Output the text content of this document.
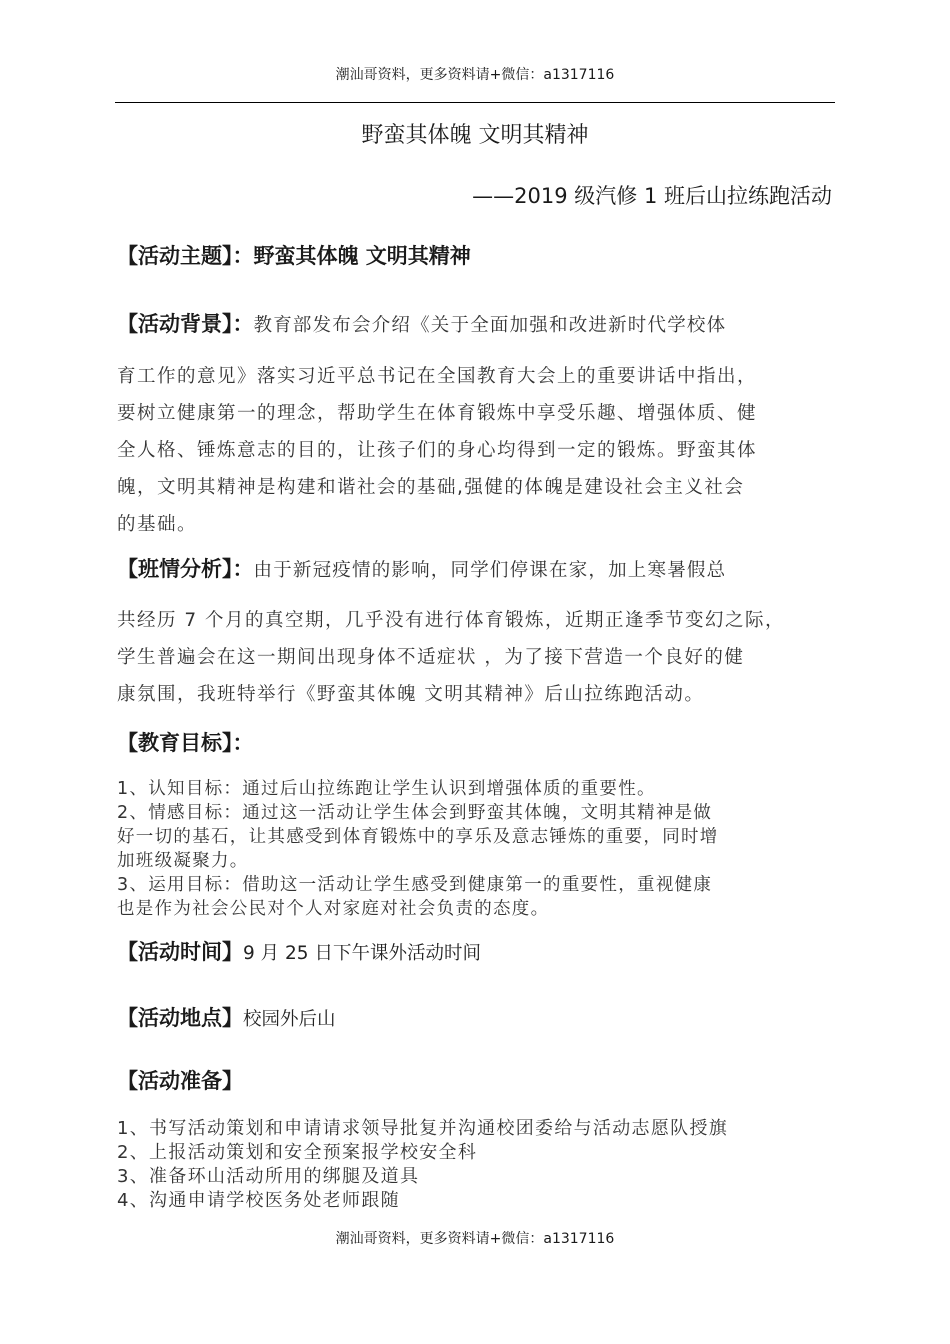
潮汕哥资料，更多资料请+微信：a1317116
野蛮其体魄 文明其精神
——2019 级汽修 1 班后山拉练跑活动
【活动主题】：野蛮其体魄 文明其精神
【活动背景】：教育部发布会介绍《关于全面加强和改进新时代学校体
育工作的意见》落实习近平总书记在全国教育大会上的重要讲话中指出，
要树立健康第一的理念，帮助学生在体育锻炼中享受乐趣、增强体质、健
全人格、锤炼意志的目的，让孩子们的身心均得到一定的锻炼。野蛮其体
魄，文明其精神是构建和谐社会的基础,强健的体魄是建设社会主义社会
的基础。
【班情分析】：由于新冠疫情的影响，同学们停课在家，加上寒暑假总
共经历 7 个月的真空期，几乎没有进行体育锻炼，近期正逢季节变幻之际，
学生普遍会在这一期间出现身体不适症状 ，为了接下营造一个良好的健
康氛围，我班特举行《野蛮其体魄 文明其精神》后山拉练跑活动。
【教育目标】：
1、认知目标：通过后山拉练跑让学生认识到增强体质的重要性。
2、情感目标：通过这一活动让学生体会到野蛮其体魄，文明其精神是做
好一切的基石，让其感受到体育锻炼中的享乐及意志锤炼的重要，同时增
加班级凝聚力。
3、运用目标：借助这一活动让学生感受到健康第一的重要性，重视健康
也是作为社会公民对个人对家庭对社会负责的态度。
【活动时间】9 月 25 日下午课外活动时间
【活动地点】校园外后山
【活动准备】
1、书写活动策划和申请请求领导批复并沟通校团委给与活动志愿队授旗
2、上报活动策划和安全预案报学校安全科
3、准备环山活动所用的绑腿及道具
4、沟通申请学校医务处老师跟随
潮汕哥资料，更多资料请+微信：a1317116
